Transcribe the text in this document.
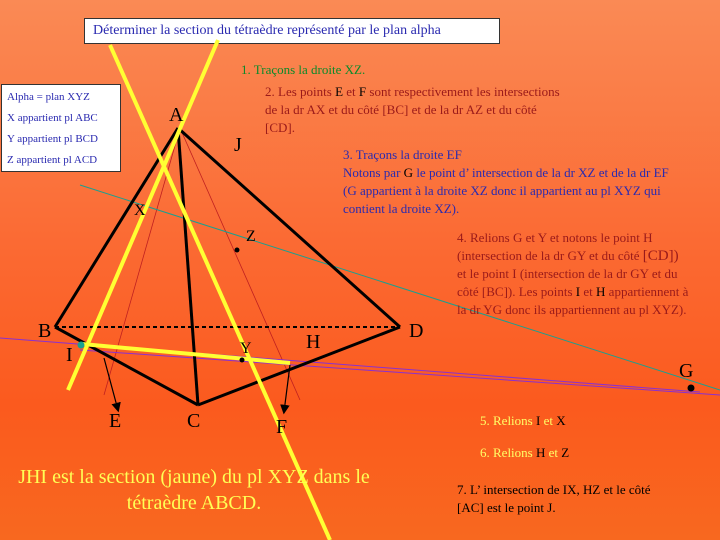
Déterminer la section du tétraèdre représenté par le plan alpha
Alpha = plan XYZ
X appartient pl ABC
Y appartient pl BCD
Z appartient pl ACD
A
J
X
Z
B	D
I	Y	H
G
E	C	F
1. Traçons la droite XZ.
2. Les points E et F sont respectivement les intersections de la dr AX et du côté [BC] et de la dr AZ et du côté [CD].
3. Traçons la droite EF
Notons par G le point d’ intersection de la dr XZ et de la dr EF (G appartient à la droite XZ donc il appartient au pl XYZ qui contient la droite XZ).
4. Relions G et Y et notons le point H (intersection de la dr GY et du côté [CD]) et le point I (intersection de la dr GY et du côté [BC]). Les points I et H appartiennent à la dr YG donc ils appartiennent au pl XYZ).
5. Relions I et X
6. Relions H et Z
7. L’ intersection de IX, HZ et le côté [AC] est le point J.
JHI est la section (jaune) du pl XYZ dans le tétraèdre ABCD.
